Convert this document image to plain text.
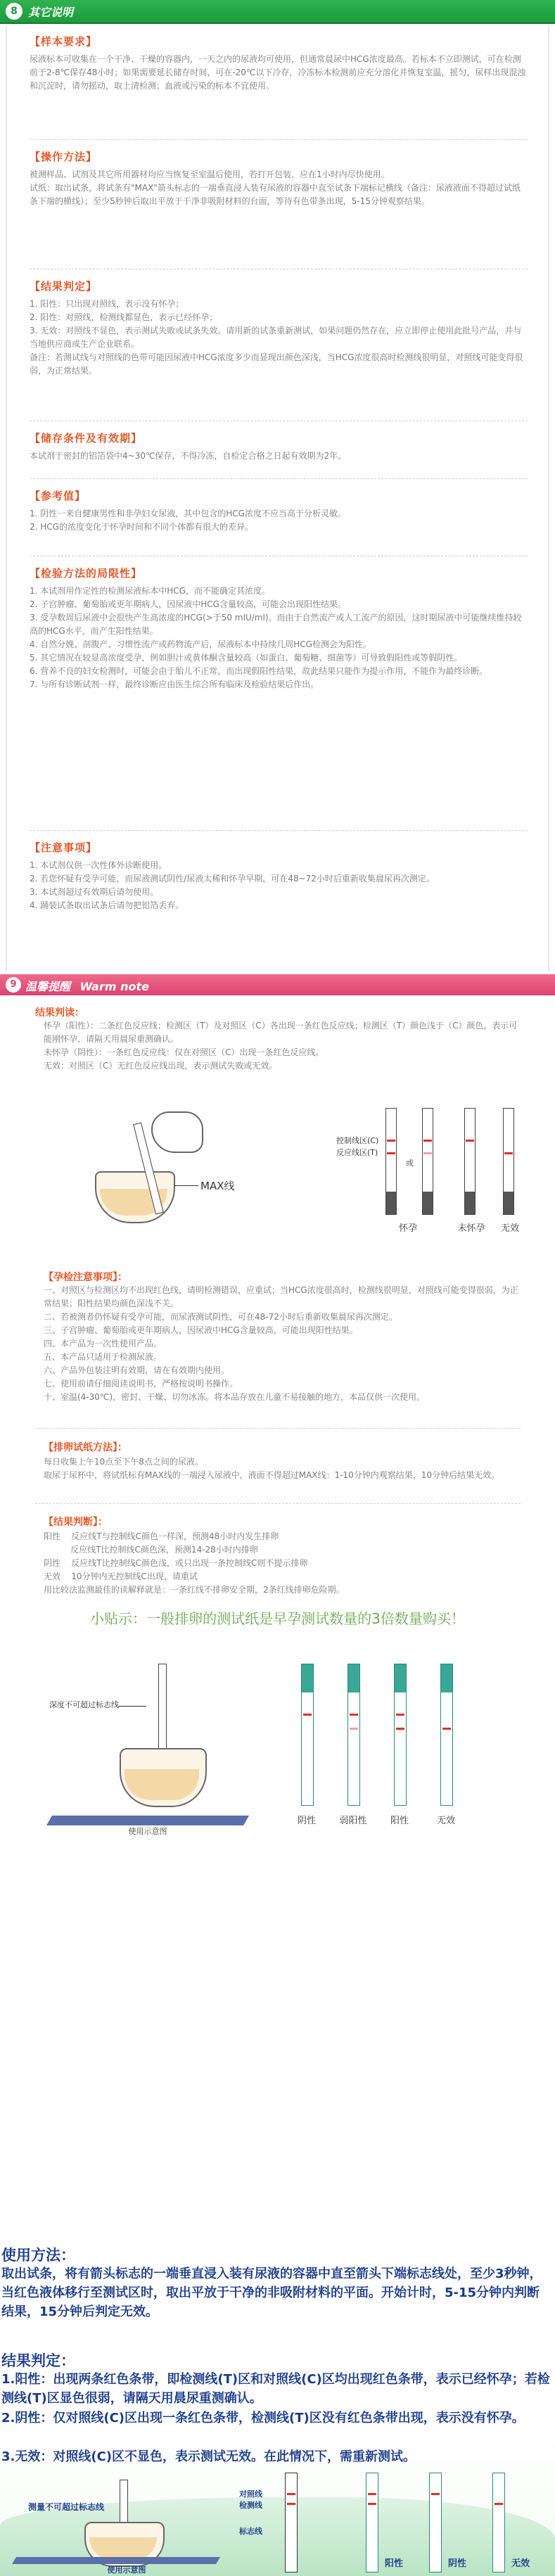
8 其它说明
【样本要求】
尿液标本可收集在一个干净、干燥的容器内，一天之内的尿液均可使用，但通常晨尿中HCG浓度最高。若标本不立即测试，可在检测前于2-8℃保存48小时；如果需要延长储存时间，可在-20℃以下冷存，冷冻标本检测前应充分溶化并恢复室温，摇匀，尿样出现混浊和沉淀时，请勿摇动，取上清检测；血液或污染的标本不宜使用。
【操作方法】
被测样品、试剂及其它所用器材均应当恢复至室温后使用，若打开包装，应在1小时内尽快使用。
试纸：取出试条，将试条有"MAX"箭头标志的一端垂直浸入装有尿液的容器中直至试条下端标记横线（备注：尿液液面不得超过试纸条下端的横线）；至少5秒钟后取出平放于干净非吸附材料的台面，等待有色带条出现，5-15分钟观察结果。
【结果判定】
1. 阳性：只出现对照线，表示没有怀孕；
2. 阳性：对照线，检测线都显色，表示已经怀孕；
3. 无效：对照线不显色，表示测试失败或试条失效。请用新的试条重新测试，如果问题仍然存在，应立即停止使用此批号产品，并与当地供应商或生产企业联系。
备注：若测试线与对照线的色带可能因尿液中HCG浓度多少而显现出颜色深浅，当HCG浓度很高时检测线很明显，对照线可能变得很弱，为正常结果。
【储存条件及有效期】
本试剂于密封的铝箔袋中4~30℃保存，不得冷冻，自检定合格之日起有效期为2年。
【参考值】
1. 阴性一来自健康男性和非孕妇女尿液，其中包含的HCG浓度不应当高于分析灵敏。
2. HCG的浓度变化于怀孕时间和不同个体都有很大的差异。
【检验方法的局限性】
1. 本试剂用作定性的检测尿液标本中HCG，而不能确定其浓度。
2. 子宫肿瘤、葡萄胎或更年期病人，因尿液中HCG含量较高，可能会出现阳性结果。
3. 受孕数周后尿液中会很快产生高浓度的HCG(>于50 mIU/ml)。而由于自然流产或人工流产的原因，这时期尿液中可能继续维持较高的HCG水平，而产生阳性结果。
4. 自然分娩、剖腹产、习惯性流产或药物流产后，尿液标本中持续几周HCG检测会为阳性。
5. 其它情况在较显高浓度受孕，例如胆汁或黄体酮含量较高（如蛋白、葡萄糖、细菌等）可导致假阳性或等假阴性。
6. 营养不良的妇女检测时，可能会由于胎儿不正常，而出现假阳性结果，故此结果只能作为提示作用，不能作为最终诊断。
7. 与所有诊断试剂一样，最终诊断应由医生综合所有临床及检验结果后作出。
【注意事项】
1. 本试剂仅供一次性体外诊断使用。
2. 若您怀疑有受孕可能，而尿液测试阴性/尿液太稀和怀孕早期，可在48~72小时后重新收集晨尿再次测定。
3. 本试剂超过有效期后请勿使用。
4. 踊装试条取出试条后请勿把铝箔丢弃。
9 温馨提醒 Warm note
结果判读：
怀孕（阳性）：二条红色反应线；检测区（T）及对照区（C）各出现一条红色反应线；检测区（T）颜色浅于（C）颜色，表示可能刚怀孕，请隔天用晨尿重测确认。
未怀孕（阴性）：一条红色反应线：仅在对照区（C）出现一条红色反应线。
无效：对照区（C）无红色反应线出现，表示测试失败或无效。
MAX线
控制线区(C)
反应线区(T)
或
怀孕	未怀孕	无效
【孕检注意事项】：
一、对照区与检测区均不出现红色线，请明检测错误，应重试；当HCG浓度很高时，检测线很明显，对照线可能变得很弱，为正常结果；阳性结果均颜色深浅不关。
二、若被测者仍怀疑有受孕可能，而尿液测试阴性，可在48-72小时后重新收集晨尿再次测定。
三、子宫肿瘤、葡萄胎或更年期病人，因尿液中HCG含量较高，可能出现阳性结果。
四、本产品为一次性使用产品。
五、本产品只适用于检测尿液。
六、产品外包装注明有效期，请在有效期内使用。
七、使用前请仔细阅读说明书，严格按说明书操作。
十、室温(4-30℃)，密封、干燥、切勿冰冻。将本品存放在儿童不易接触的地方，本品仅供一次使用。
【排卵试纸方法】：
每日收集上午10点至下午8点之间的尿液。
取尿于尿杯中，将试纸标有MAX线的一端浸入尿液中，液面不得超过MAX线：1-10分钟内观察结果，10分钟后结果无效。
【结果判断】：
阳性    反应线T与控制线C颜色一样深，预测48小时内发生排卵
反应线T比控制线C颜色深，预测14-28小时内排卵
阴性    反应线T比控制线C颜色浅，或只出现一条控制线C则不提示排卵
无效    10分钟内无控制线C出现，请重试
用比较法监测最佳的读解释就是：一条红线不排卵安全期，2条红线排卵危险期。
小贴示：一般排卵的测试纸是早孕测试数量的3倍数量购买！
深度不可超过标志线
使用示意图
阴性	弱阳性	阳性	无效
使用方法：
取出试条，将有箭头标志的一端垂直浸入装有尿液的容器中直至箭头下端标志线处，至少3秒钟，当红色液体移行至测试区时，取出平放于干净的非吸附材料的平面。开始计时，5-15分钟内判断结果，15分钟后判定无效。
结果判定：
1.阳性：出现两条红色条带，即检测线(T)区和对照线(C)区均出现红色条带，表示已经怀孕；若检测线(T)区显色很弱，请隔天用晨尿重测确认。
2.阴性：仅对照线(C)区出现一条红色条带，检测线(T)区没有红色条带出现，表示没有怀孕。
3.无效：对照线(C)区不显色，表示测试无效。在此情况下，需重新测试。
测量不可超过标志线
使用示意图
对照线
检测线
标志线
阳性	阴性	无效
